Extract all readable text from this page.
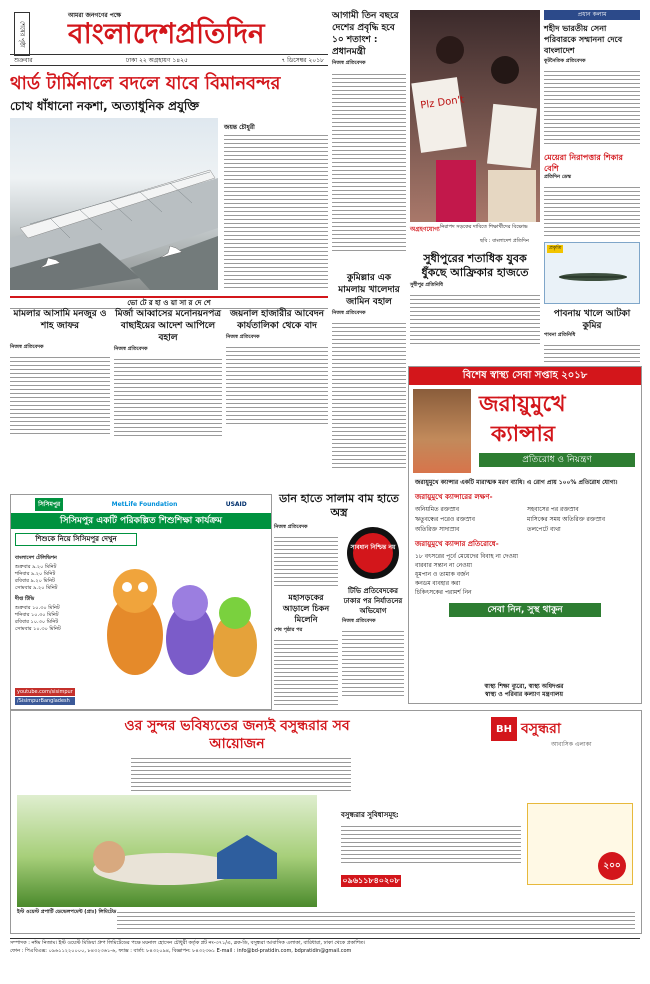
শেষের পৃষ্ঠা
আমরা জনগণের পক্ষে
বাংলাদেশপ্রতিদিন
শুক্রবার	ঢাকা ২২ অগ্রহায়ণ ১৪২৫	৭ ডিসেম্বর ২০১৮
থার্ড টার্মিনালে বদলে যাবে বিমানবন্দর
চোখ ধাঁধানো নকশা, অত্যাধুনিক প্রযুক্তি
জয়ন্ত চৌধুরী
আগামী তিন বছরে দেশের প্রবৃদ্ধি হবে ১০ শতাংশ : প্রধানমন্ত্রী
নিজস্ব প্রতিবেদক
Plz Don't
অগ্রহণযোগ্য নিরাপদ সড়কের দাবিতে শিক্ষার্থীদের বিক্ষোভ
ছবি : বাংলাদেশ প্রতিদিন
প্রধান কলাম
শহীদ ভারতীয় সেনা পরিবারকে সম্মাননা দেবে বাংলাদেশ
কূটনৈতিক প্রতিবেদক
মেয়েরা নিরাপত্তার শিকার বেশি
প্রতিদিন ডেস্ক
প্রকৃতি
পাবনায় খালে আটকা কুমির
পাবনা প্রতিনিধি
ভো টে র হা ও য়া সা র দে শে
মামলার আসামি মনজুর ও শাহ জাফর
নিজস্ব প্রতিবেদক
মির্জা আব্বাসের মনোনয়নপত্র বাছাইয়ের আদেশ আপিলে বহাল
নিজস্ব প্রতিবেদক
জয়নাল হাজারীর আবেদন কার্যতালিকা থেকে বাদ
নিজস্ব প্রতিবেদক
কুমিল্লার এক মামলায় খালেদার জামিন বহাল
নিজস্ব প্রতিবেদক
সুধীপুরের শতাধিক যুবক ধুঁকছে আফ্রিকার হাজতে
সুধীপুর প্রতিনিধি
বিশেষ স্বাস্থ্য সেবা সপ্তাহ ২০১৮
জরায়ুমুখে
ক্যান্সার
প্রতিরোধ ও নিয়ন্ত্রণ
জরায়ুমুখে ক্যান্সার একটি মারাত্মক মরণ ব্যাধি। এ রোগ প্রায় ১০০% প্রতিরোধ যোগ্য।
জরায়ুমুখে ক্যান্সারের লক্ষণ-
অনিয়মিত রক্তস্রাব	সহবাসের পর রক্তস্রাব
ঋতুবন্ধের পরেও রক্তস্রাব	মাসিকের সময় অতিরিক্ত রক্তস্রাব
অতিরিক্ত সাদাস্রাব	তলপেটে ব্যথা
জরায়ুমুখে ক্যান্সার প্রতিরোধে-
১৮ বৎসরের পূর্বে মেয়েদের বিবাহ না দেওয়া
বারবার সন্তান না নেওয়া
ধূমপান ও তামাক বর্জন
কনডম ব্যবহার করা
চিকিৎসকের পরামর্শ নিন
সেবা নিন, সুস্থ থাকুন
স্বাস্থ্য শিক্ষা ব্যুরো, স্বাস্থ্য অধিদপ্তর
স্বাস্থ্য ও পরিবার কল্যাণ মন্ত্রণালয়
সিসিমপুর	MetLife Foundation	USAID
সিসিমপুর একটি পরিকল্পিত শিশুশিক্ষা কার্যক্রম
শিশুকে নিয়ে সিসিমপুর দেখুন
বাংলাদেশ টেলিভিশন
শুক্রবার ৯.২০ মিনিট
শনিবার ৯.২০ মিনিট
রবিবার ৯.২০ মিনিট
সোমবার ৯.২০ মিনিট
দীপ্ত টিভি
শুক্রবার ১০.৩০ মিনিট
শনিবার ১০.৩০ মিনিট
রবিবার ১০.৩০ মিনিট
সোমবার ১০.৩০ মিনিট
youtube.com/sisimpur
/SisimpurBangladesh
ডান হাতে সালাম বাম হাতে অস্ত্র
নিজস্ব প্রতিবেদক
সাবধান নিশ্চিন্ত নয়
মহাসড়কের আড়ালে চিকন মিলেনি
শেষ পৃষ্ঠার পর
টিভি প্রতিবেদকের ঢাকার পর নির্যাতনের অভিযোগ
নিজস্ব প্রতিবেদক
ওর সুন্দর ভবিষ্যতের জন্যই বসুন্ধরার সব আয়োজন
BH বসুন্ধরা
আবাসিক এলাকা
বসুন্ধরার সুবিধাসমূহ:
০৯৬১১৮৪০২০৮
২০০
ইস্ট ওয়েস্ট প্রপার্টি ডেভেলপমেন্ট (প্রাঃ) লিমিটেড
সম্পাদক : নঈম নিজাম। ইস্ট ওয়েস্ট মিডিয়া গ্রুপ লিমিটেডের পক্ষে ময়নাল হোসেন চৌধুরী কর্তৃক প্লট নং-৩৭১/এ, ব্লক-ডি, বসুন্ধরা আবাসিক এলাকা, বারিধারা, ঢাকা থেকে প্রকাশিত।
ফোন : পিএবিএক্স: ০৯৬১১২২০০০০, ৮৪৩২৩৬১-৬, ফ্যাক্স : বার্তা: ৮৪৩২০৯৪, বিজ্ঞাপন: ৮৪৩২৩৬১ E-mail : info@bd-pratidin.com, bdpratidin@gmail.com
